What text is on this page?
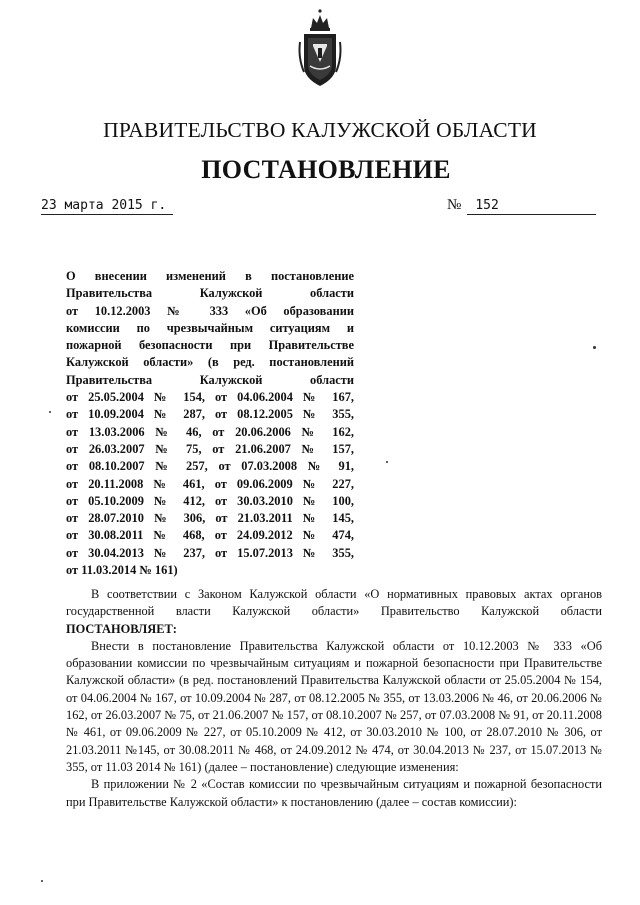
ПРАВИТЕЛЬСТВО КАЛУЖСКОЙ ОБЛАСТИ
ПОСТАНОВЛЕНИЕ
23 марта 2015 г.	№ 152
О внесении изменений в постановление
Правительства Калужской области
от 10.12.2003 № 333 «Об образовании
комиссии по чрезвычайным ситуациям и
пожарной безопасности при Правительстве
Калужской области» (в ред. постановлений
Правительства Калужской области
от 25.05.2004 № 154, от 04.06.2004 № 167,
от 10.09.2004 № 287, от 08.12.2005 № 355,
от 13.03.2006 № 46, от 20.06.2006 № 162,
от 26.03.2007 № 75, от 21.06.2007 № 157,
от 08.10.2007 № 257, от 07.03.2008 № 91,
от 20.11.2008 № 461, от 09.06.2009 № 227,
от 05.10.2009 № 412, от 30.03.2010 № 100,
от 28.07.2010 № 306, от 21.03.2011 № 145,
от 30.08.2011 № 468, от 24.09.2012 № 474,
от 30.04.2013 № 237, от 15.07.2013 № 355,
от 11.03.2014 № 161)

В соответствии с Законом Калужской области «О нормативных правовых актах органов государственной власти Калужской области» Правительство Калужской области ПОСТАНОВЛЯЕТ:

Внести в постановление Правительства Калужской области от 10.12.2003 № 333 «Об образовании комиссии по чрезвычайным ситуациям и пожарной безопасности при Правительстве Калужской области» (в ред. постановлений Правительства Калужской области от 25.05.2004 № 154, от 04.06.2004 № 167, от 10.09.2004 № 287, от 08.12.2005 № 355, от 13.03.2006 № 46, от 20.06.2006 № 162, от 26.03.2007 № 75, от 21.06.2007 № 157, от 08.10.2007 № 257, от 07.03.2008 № 91, от 20.11.2008 № 461, от 09.06.2009 № 227, от 05.10.2009 № 412, от 30.03.2010 № 100, от 28.07.2010 № 306, от 21.03.2011 №145, от 30.08.2011 № 468, от 24.09.2012 № 474, от 30.04.2013 № 237, от 15.07.2013 № 355, от 11.03 2014 № 161) (далее – постановление) следующие изменения:

В приложении № 2 «Состав комиссии по чрезвычайным ситуациям и пожарной безопасности при Правительстве Калужской области» к постановлению (далее – состав комиссии):
